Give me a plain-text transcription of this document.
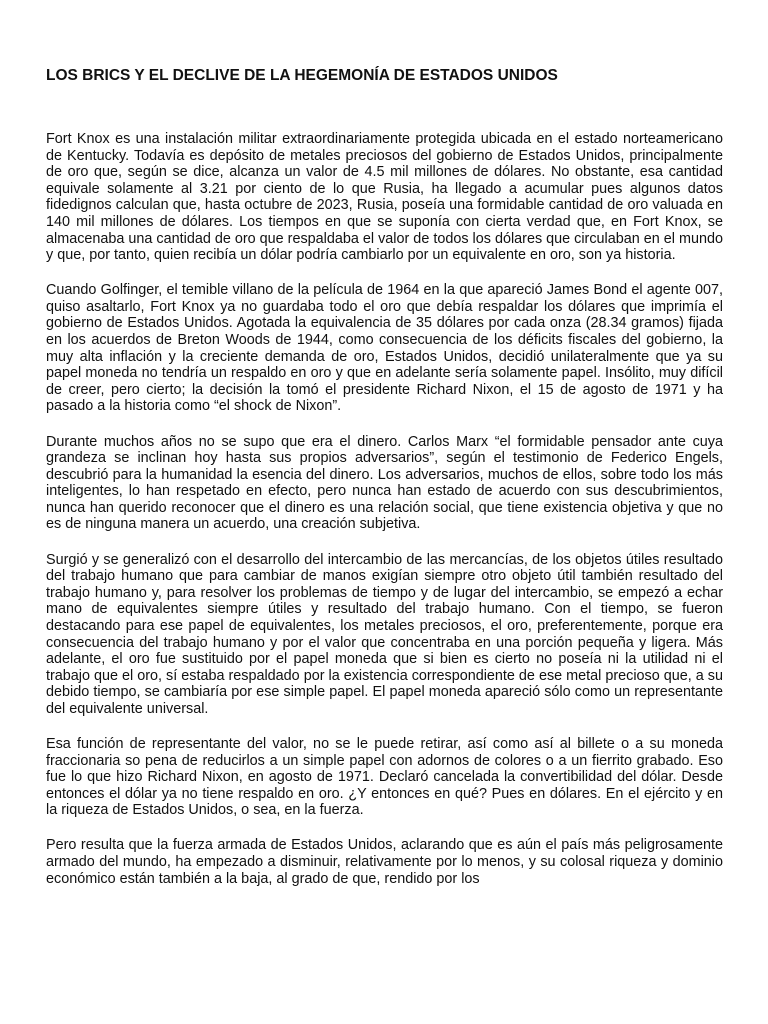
LOS BRICS Y EL DECLIVE DE LA HEGEMONÍA DE ESTADOS UNIDOS

Fort Knox es una instalación militar extraordinariamente protegida ubicada en el estado norteamericano de Kentucky. Todavía es depósito de metales preciosos del gobierno de Estados Unidos, principalmente de oro que, según se dice, alcanza un valor de 4.5 mil millones de dólares. No obstante, esa cantidad equivale solamente al 3.21 por ciento de lo que Rusia, ha llegado a acumular pues algunos datos fidedignos calculan que, hasta octubre de 2023, Rusia, poseía una formidable cantidad de oro valuada en 140 mil millones de dólares. Los tiempos en que se suponía con cierta verdad que, en Fort Knox, se almacenaba una cantidad de oro que respaldaba el valor de todos los dólares que circulaban en el mundo y que, por tanto, quien recibía un dólar podría cambiarlo por un equivalente en oro, son ya historia.

Cuando Golfinger, el temible villano de la película de 1964 en la que apareció James Bond el agente 007, quiso asaltarlo, Fort Knox ya no guardaba todo el oro que debía respaldar los dólares que imprimía el gobierno de Estados Unidos. Agotada la equivalencia de 35 dólares por cada onza (28.34 gramos) fijada en los acuerdos de Breton Woods de 1944, como consecuencia de los déficits fiscales del gobierno, la muy alta inflación y la creciente demanda de oro, Estados Unidos, decidió unilateralmente que ya su papel moneda no tendría un respaldo en oro y que en adelante sería solamente papel. Insólito, muy difícil de creer, pero cierto; la decisión la tomó el presidente Richard Nixon, el 15 de agosto de 1971 y ha pasado a la historia como “el shock de Nixon”.

Durante muchos años no se supo que era el dinero. Carlos Marx “el formidable pensador ante cuya grandeza se inclinan hoy hasta sus propios adversarios”, según el testimonio de Federico Engels, descubrió para la humanidad la esencia del dinero. Los adversarios, muchos de ellos, sobre todo los más inteligentes, lo han respetado en efecto, pero nunca han estado de acuerdo con sus descubrimientos, nunca han querido reconocer que el dinero es una relación social, que tiene existencia objetiva y que no es de ninguna manera un acuerdo, una creación subjetiva.

Surgió y se generalizó con el desarrollo del intercambio de las mercancías, de los objetos útiles resultado del trabajo humano que para cambiar de manos exigían siempre otro objeto útil también resultado del trabajo humano y, para resolver los problemas de tiempo y de lugar del intercambio, se empezó a echar mano de equivalentes siempre útiles y resultado del trabajo humano. Con el tiempo, se fueron destacando para ese papel de equivalentes, los metales preciosos, el oro, preferentemente, porque era consecuencia del trabajo humano y por el valor que concentraba en una porción pequeña y ligera. Más adelante, el oro fue sustituido por el papel moneda que si bien es cierto no poseía ni la utilidad ni el trabajo que el oro, sí estaba respaldado por la existencia correspondiente de ese metal precioso que, a su debido tiempo, se cambiaría por ese simple papel. El papel moneda apareció sólo como un representante del equivalente universal.

Esa función de representante del valor, no se le puede retirar, así como así al billete o a su moneda fraccionaria so pena de reducirlos a un simple papel con adornos de colores o a un fierrito grabado. Eso fue lo que hizo Richard Nixon, en agosto de 1971. Declaró cancelada la convertibilidad del dólar. Desde entonces el dólar ya no tiene respaldo en oro. ¿Y entonces en qué? Pues en dólares. En el ejército y en la riqueza de Estados Unidos, o sea, en la fuerza.

Pero resulta que la fuerza armada de Estados Unidos, aclarando que es aún el país más peligrosamente armado del mundo, ha empezado a disminuir, relativamente por lo menos, y su colosal riqueza y dominio económico están también a la baja, al grado de que, rendido por los
